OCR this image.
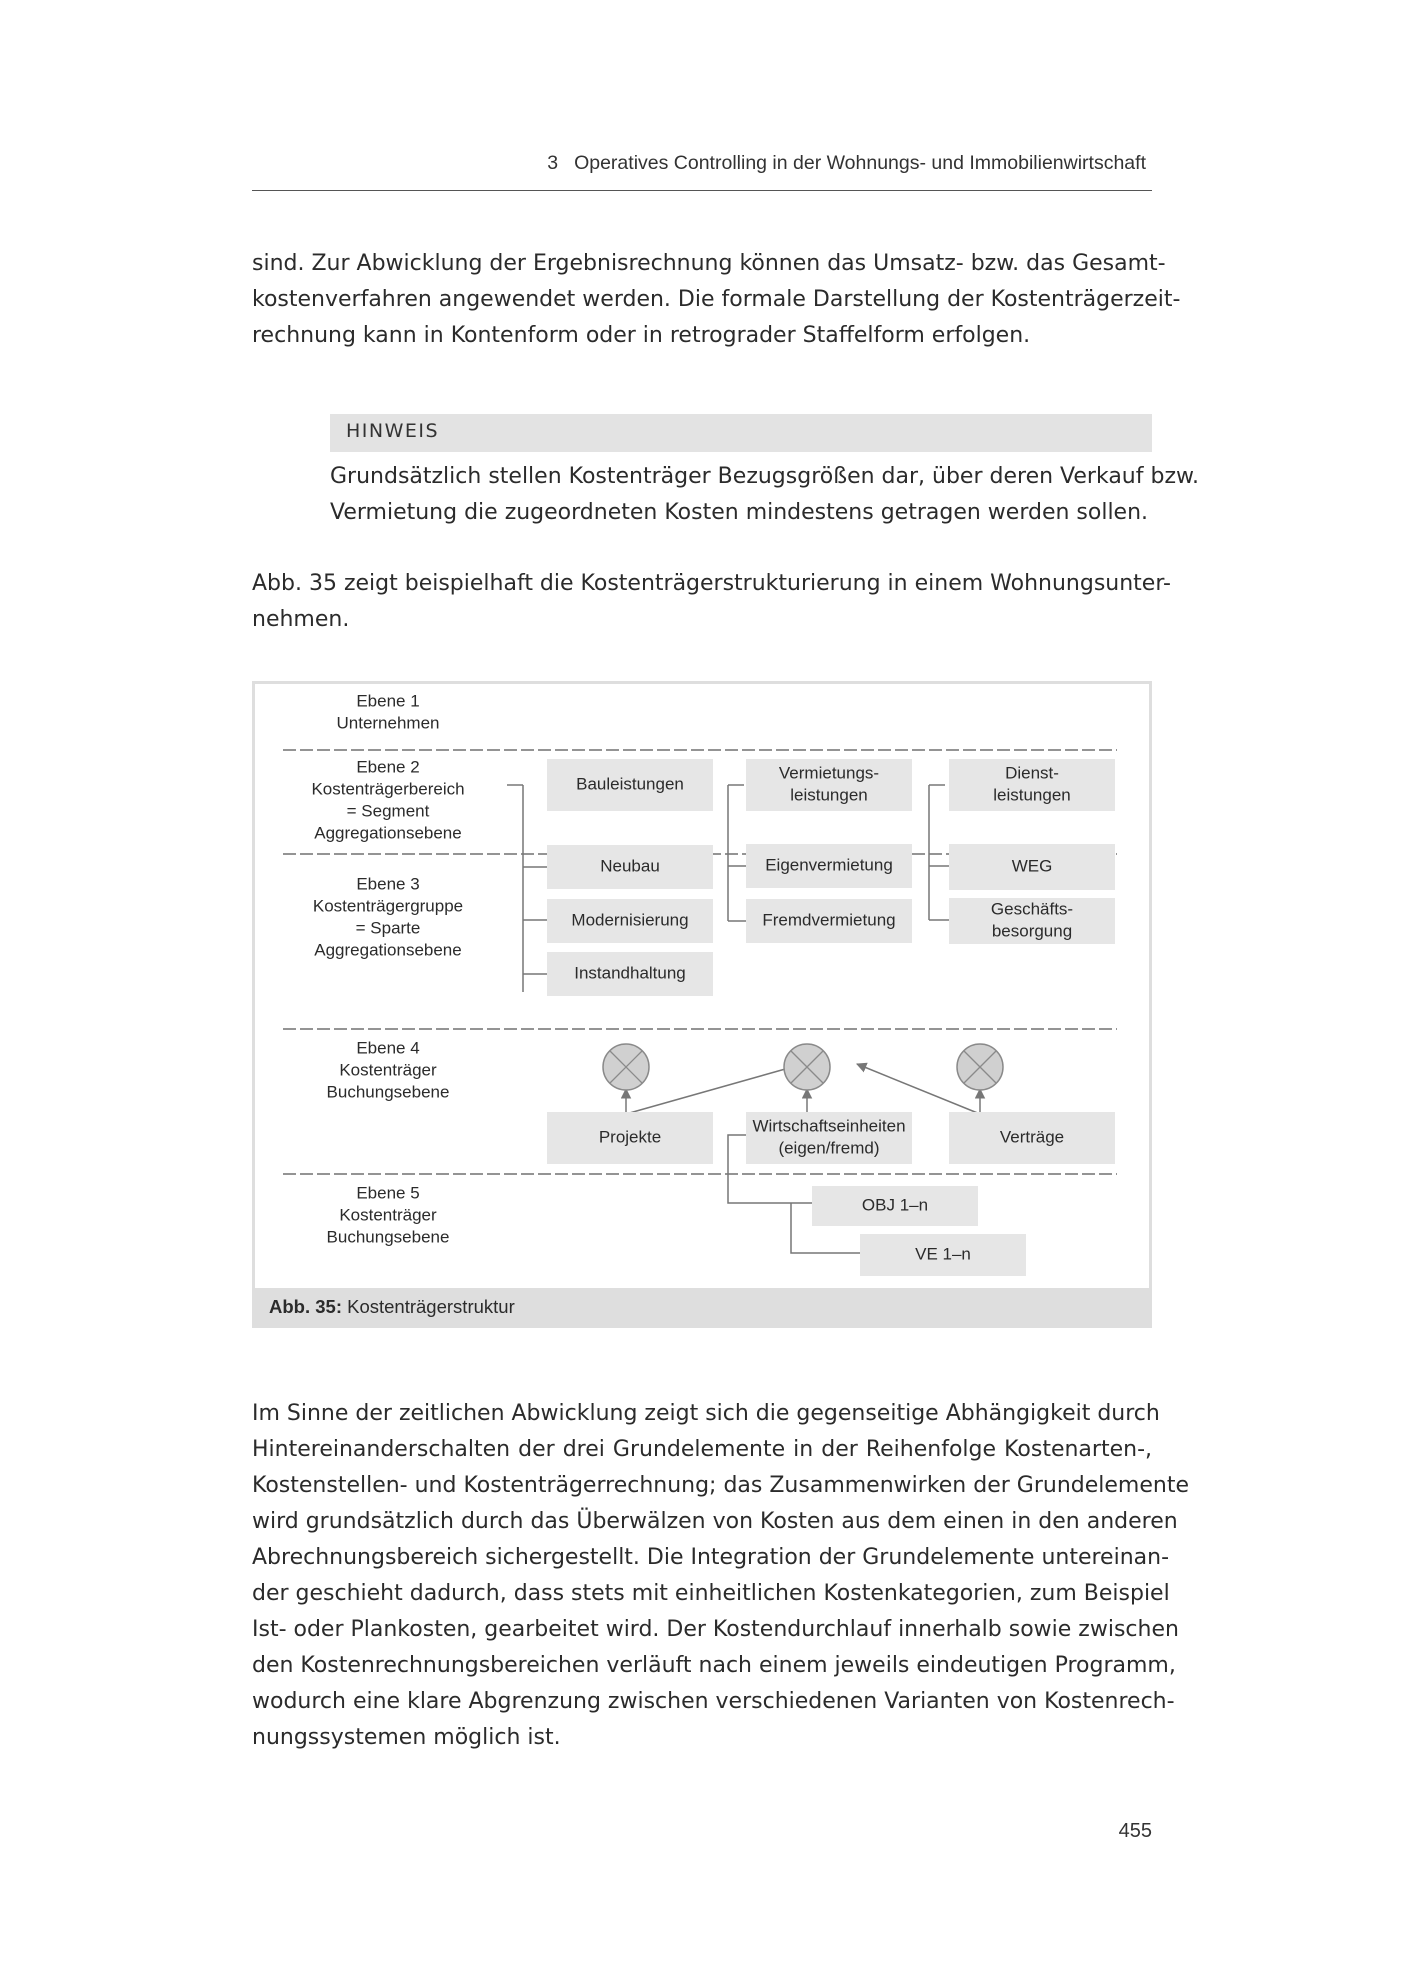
3 Operatives Controlling in der Wohnungs- und Immobilienwirtschaft
sind. Zur Abwicklung der Ergebnisrechnung können das Umsatz- bzw. das Gesamt-
kostenverfahren angewendet werden. Die formale Darstellung der Kostenträgerzeit-
rechnung kann in Kontenform oder in retrograder Staffelform erfolgen.
HINWEIS
Grundsätzlich stellen Kostenträger Bezugsgrößen dar, über deren Verkauf bzw.
Vermietung die zugeordneten Kosten mindestens getragen werden sollen.
Abb. 35 zeigt beispielhaft die Kostenträgerstrukturierung in einem Wohnungsunter-
nehmen.
Ebene 1
Unternehmen
Ebene 2
Kostenträgerbereich
= Segment
Aggregationsebene
Ebene 3
Kostenträgergruppe
= Sparte
Aggregationsebene
Ebene 4
Kostenträger
Buchungsebene
Ebene 5
Kostenträger
Buchungsebene
Bauleistungen
Vermietungs-
leistungen
Dienst-
leistungen
Neubau
Modernisierung
Instandhaltung
Eigenvermietung
Fremdvermietung
WEG
Geschäfts-
besorgung
Projekte
Wirtschaftseinheiten
(eigen/fremd)
Verträge
OBJ 1–n
VE 1–n
Abb. 35: Kostenträgerstruktur
Im Sinne der zeitlichen Abwicklung zeigt sich die gegenseitige Abhängigkeit durch
Hintereinanderschalten der drei Grundelemente in der Reihenfolge Kostenarten-,
Kostenstellen- und Kostenträgerrechnung; das Zusammenwirken der Grundelemente
wird grundsätzlich durch das Überwälzen von Kosten aus dem einen in den anderen
Abrechnungsbereich sichergestellt. Die Integration der Grundelemente untereinan-
der geschieht dadurch, dass stets mit einheitlichen Kostenkategorien, zum Beispiel
Ist- oder Plankosten, gearbeitet wird. Der Kostendurchlauf innerhalb sowie zwischen
den Kostenrechnungsbereichen verläuft nach einem jeweils eindeutigen Programm,
wodurch eine klare Abgrenzung zwischen verschiedenen Varianten von Kostenrech-
nungssystemen möglich ist.
455
